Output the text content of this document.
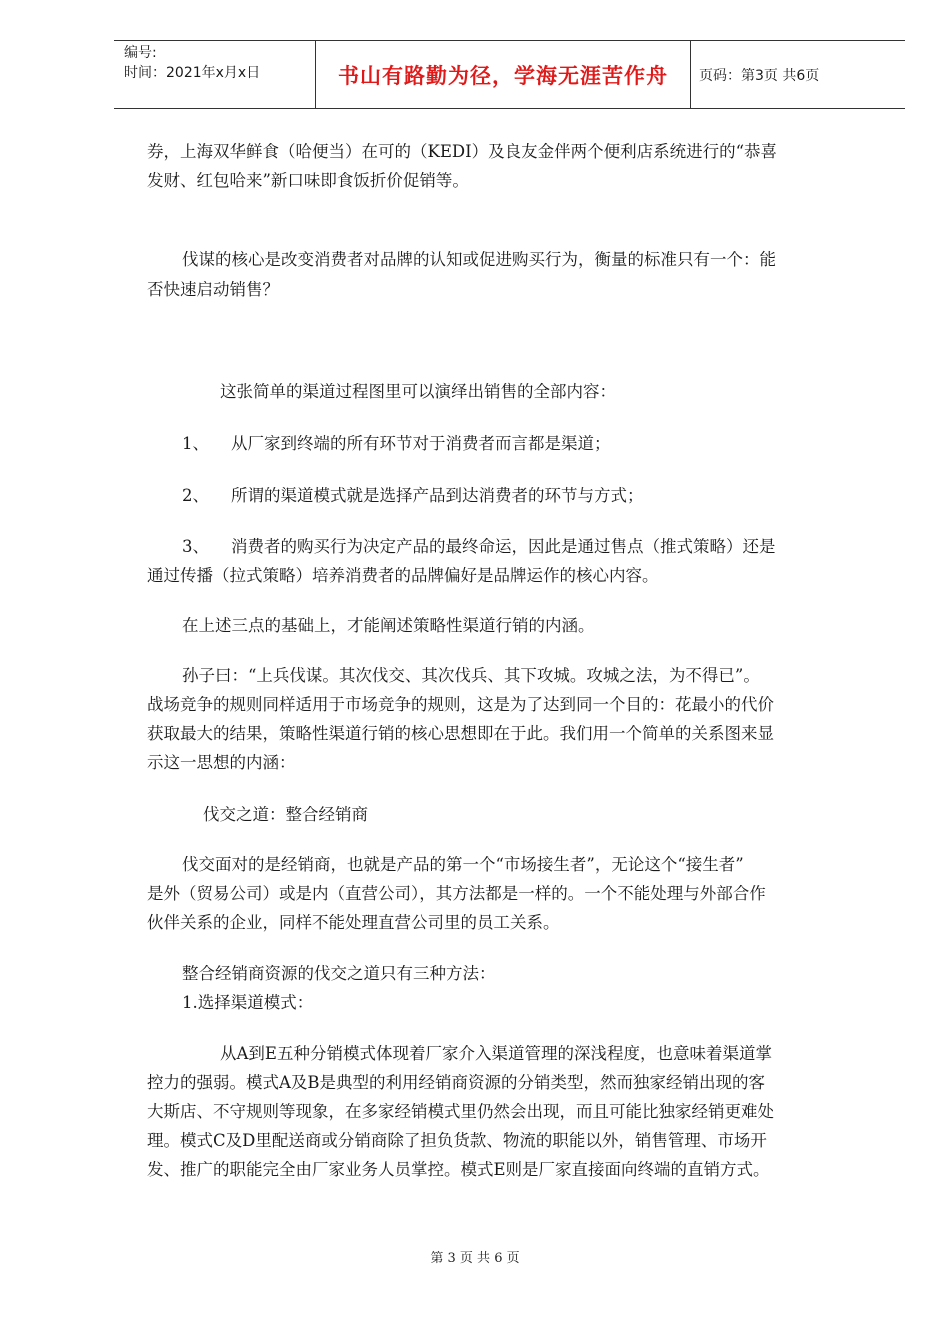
编号:
时间：2021年x月x日	书山有路勤为径，学海无涯苦作舟 页码：第3页 共6页
券，上海双华鲜食（哈便当）在可的（KEDI）及良友金伴两个便利店系统进行的“恭喜
发财、红包哈来”新口味即食饭折价促销等。
伐谋的核心是改变消费者对品牌的认知或促进购买行为，衡量的标准只有一个：能
否快速启动销售？
这张简单的渠道过程图里可以演绎出销售的全部内容：
1、 从厂家到终端的所有环节对于消费者而言都是渠道；
2、 所谓的渠道模式就是选择产品到达消费者的环节与方式；
3、 消费者的购买行为决定产品的最终命运，因此是通过售点（推式策略）还是
通过传播（拉式策略）培养消费者的品牌偏好是品牌运作的核心内容。
在上述三点的基础上，才能阐述策略性渠道行销的内涵。
孙子曰：“上兵伐谋。其次伐交、其次伐兵、其下攻城。攻城之法，为不得已”。
战场竞争的规则同样适用于市场竞争的规则，这是为了达到同一个目的：花最小的代价
获取最大的结果，策略性渠道行销的核心思想即在于此。我们用一个简单的关系图来显
示这一思想的内涵：
伐交之道：整合经销商
伐交面对的是经销商，也就是产品的第一个“市场接生者”，无论这个“接生者”
是外（贸易公司）或是内（直营公司），其方法都是一样的。一个不能处理与外部合作
伙伴关系的企业，同样不能处理直营公司里的员工关系。
整合经销商资源的伐交之道只有三种方法：
1.选择渠道模式：
从A到E五种分销模式体现着厂家介入渠道管理的深浅程度，也意味着渠道掌
控力的强弱。模式A及B是典型的利用经销商资源的分销类型，然而独家经销出现的客
大斯店、不守规则等现象，在多家经销模式里仍然会出现，而且可能比独家经销更难处
理。模式C及D里配送商或分销商除了担负货款、物流的职能以外，销售管理、市场开
发、推广的职能完全由厂家业务人员掌控。模式E则是厂家直接面向终端的直销方式。
第 3 页 共 6 页
